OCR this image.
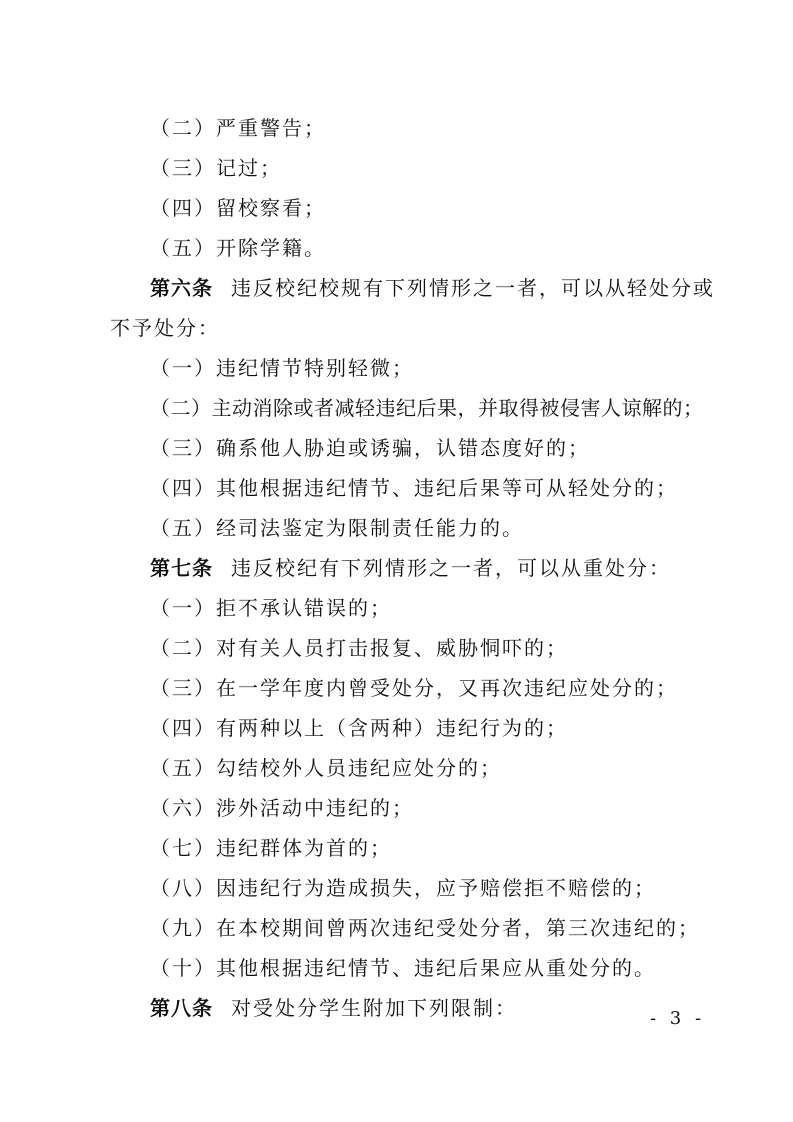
（二）严重警告；
（三）记过；
（四）留校察看；
（五）开除学籍。
第六条 违反校纪校规有下列情形之一者，可以从轻处分或
不予处分：
（一）违纪情节特别轻微；
（二）主动消除或者减轻违纪后果，并取得被侵害人谅解的；
（三）确系他人胁迫或诱骗，认错态度好的；
（四）其他根据违纪情节、违纪后果等可从轻处分的；
（五）经司法鉴定为限制责任能力的。
第七条 违反校纪有下列情形之一者，可以从重处分：
（一）拒不承认错误的；
（二）对有关人员打击报复、威胁恫吓的；
（三）在一学年度内曾受处分，又再次违纪应处分的；
（四）有两种以上（含两种）违纪行为的；
（五）勾结校外人员违纪应处分的；
（六）涉外活动中违纪的；
（七）违纪群体为首的；
（八）因违纪行为造成损失，应予赔偿拒不赔偿的；
（九）在本校期间曾两次违纪受处分者，第三次违纪的；
（十）其他根据违纪情节、违纪后果应从重处分的。
第八条 对受处分学生附加下列限制：	- 3 -
